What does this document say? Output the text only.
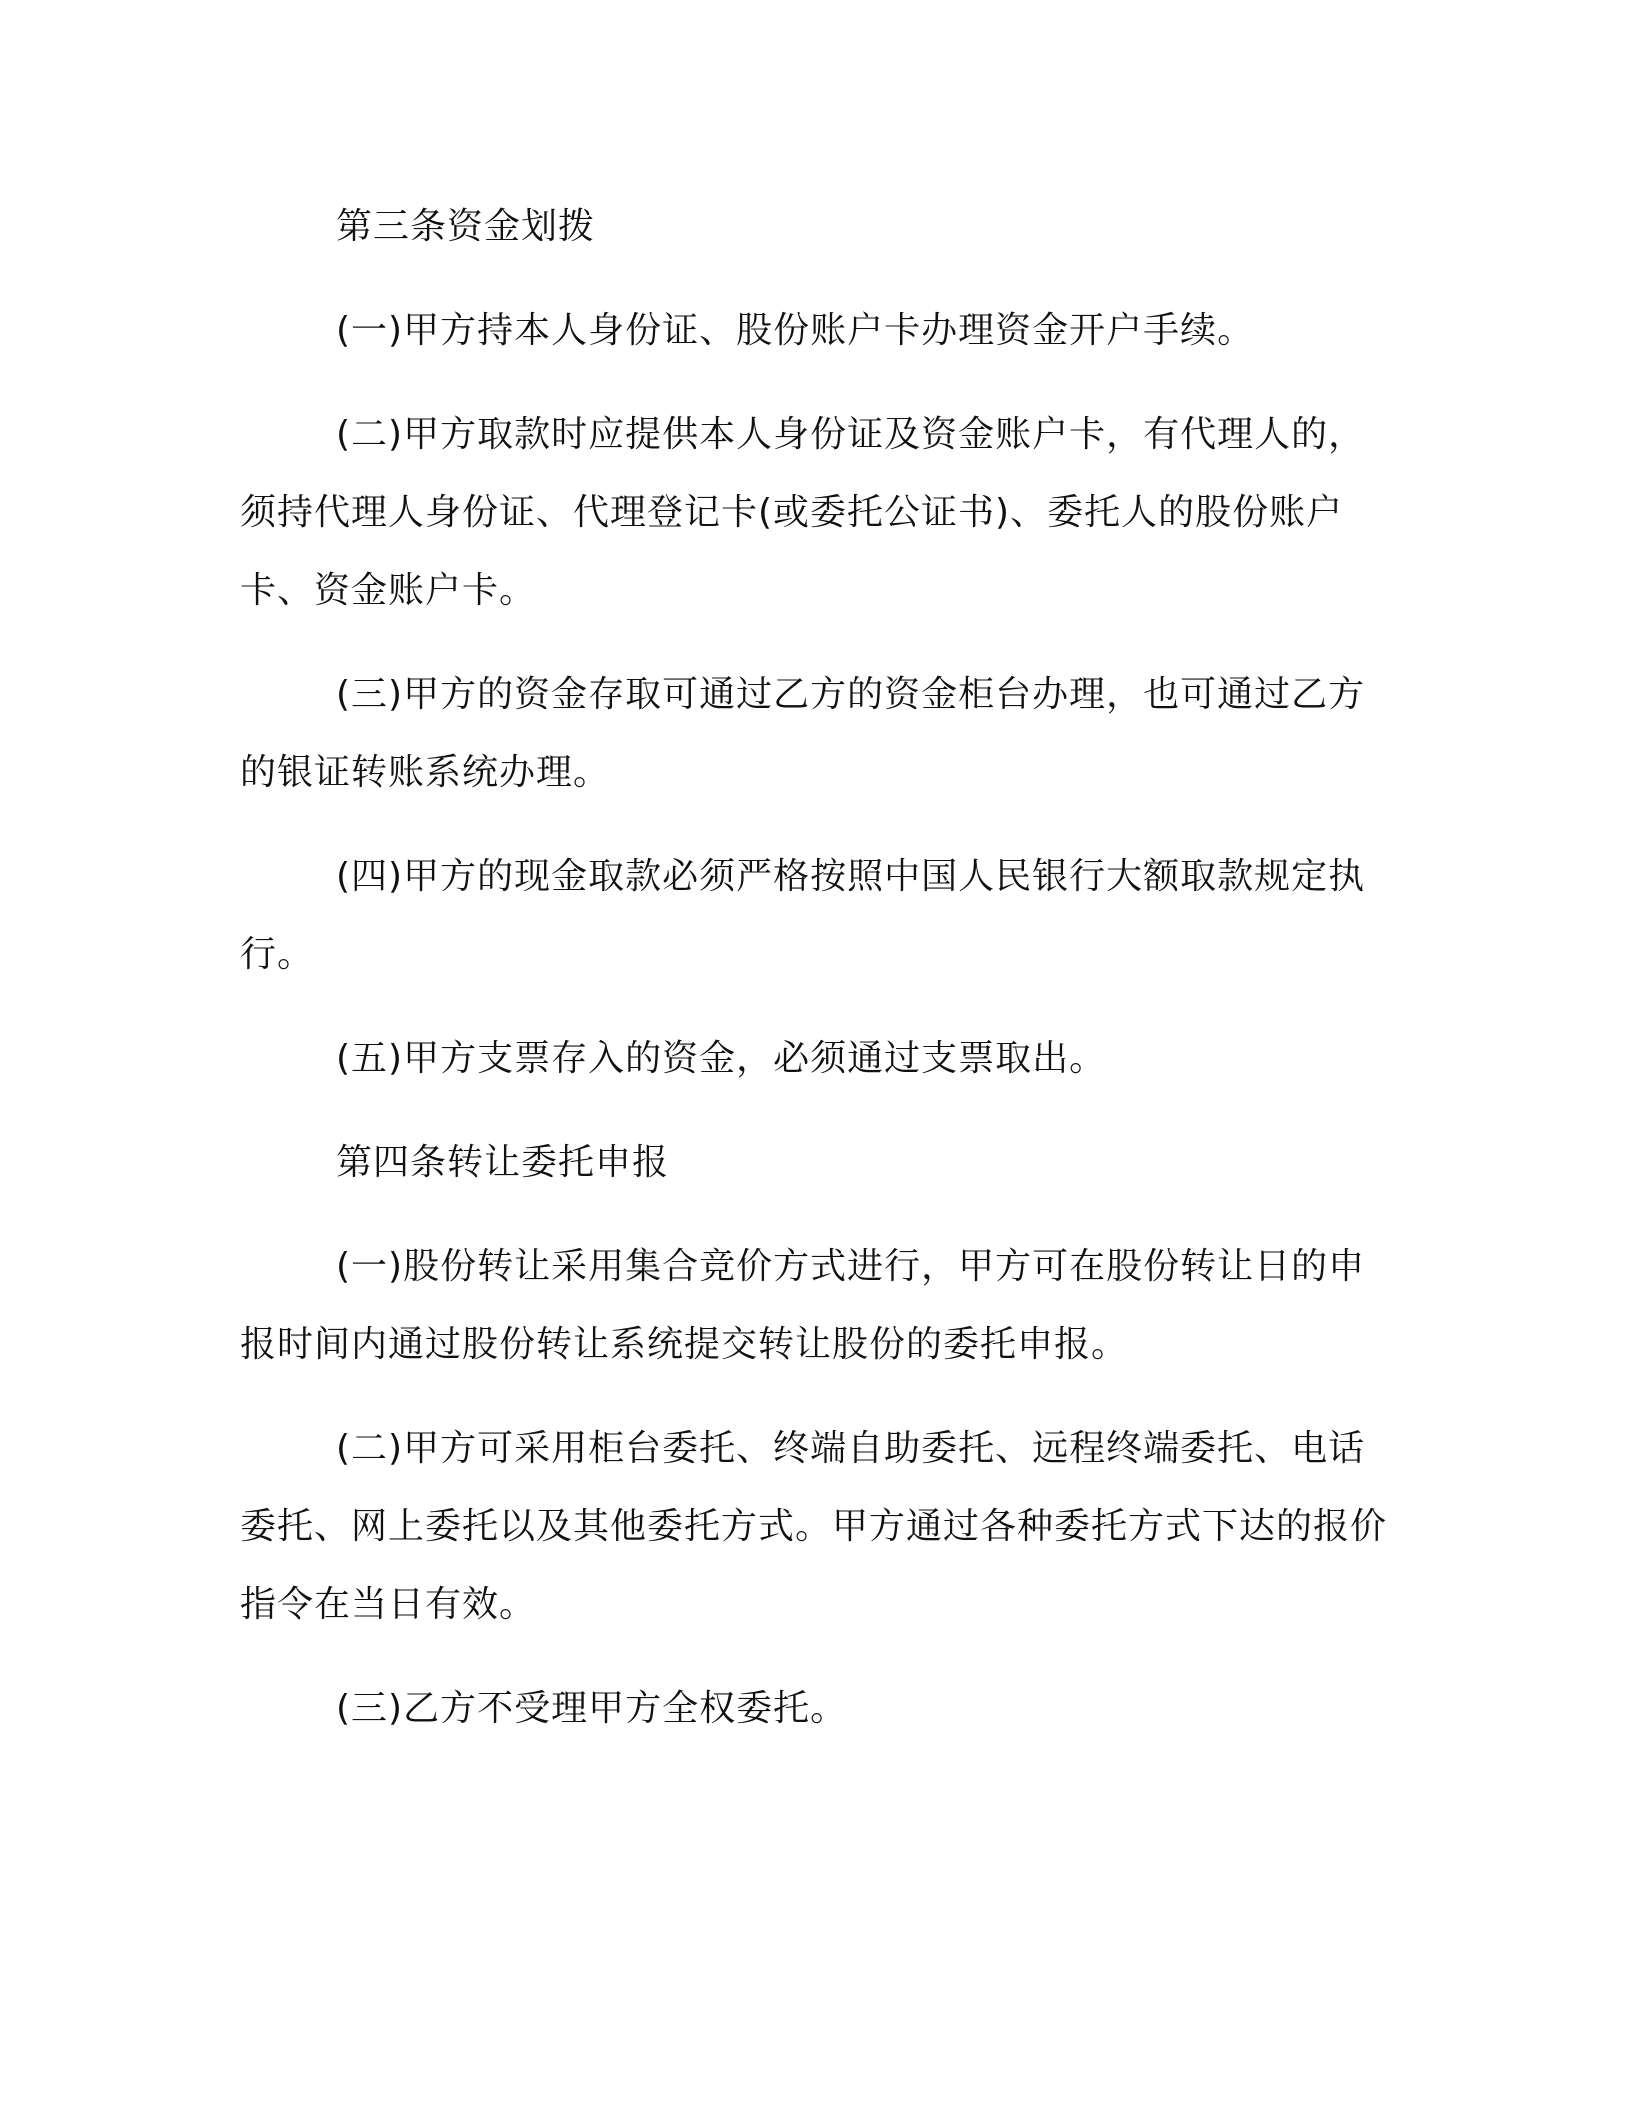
第三条资金划拨

(一)甲方持本人身份证、股份账户卡办理资金开户手续。

(二)甲方取款时应提供本人身份证及资金账户卡，有代理人的，须持代理人身份证、代理登记卡(或委托公证书)、委托人的股份账户卡、资金账户卡。

(三)甲方的资金存取可通过乙方的资金柜台办理，也可通过乙方的银证转账系统办理。

(四)甲方的现金取款必须严格按照中国人民银行大额取款规定执行。

(五)甲方支票存入的资金，必须通过支票取出。

第四条转让委托申报

(一)股份转让采用集合竞价方式进行，甲方可在股份转让日的申报时间内通过股份转让系统提交转让股份的委托申报。

(二)甲方可采用柜台委托、终端自助委托、远程终端委托、电话委托、网上委托以及其他委托方式。甲方通过各种委托方式下达的报价指令在当日有效。

(三)乙方不受理甲方全权委托。
